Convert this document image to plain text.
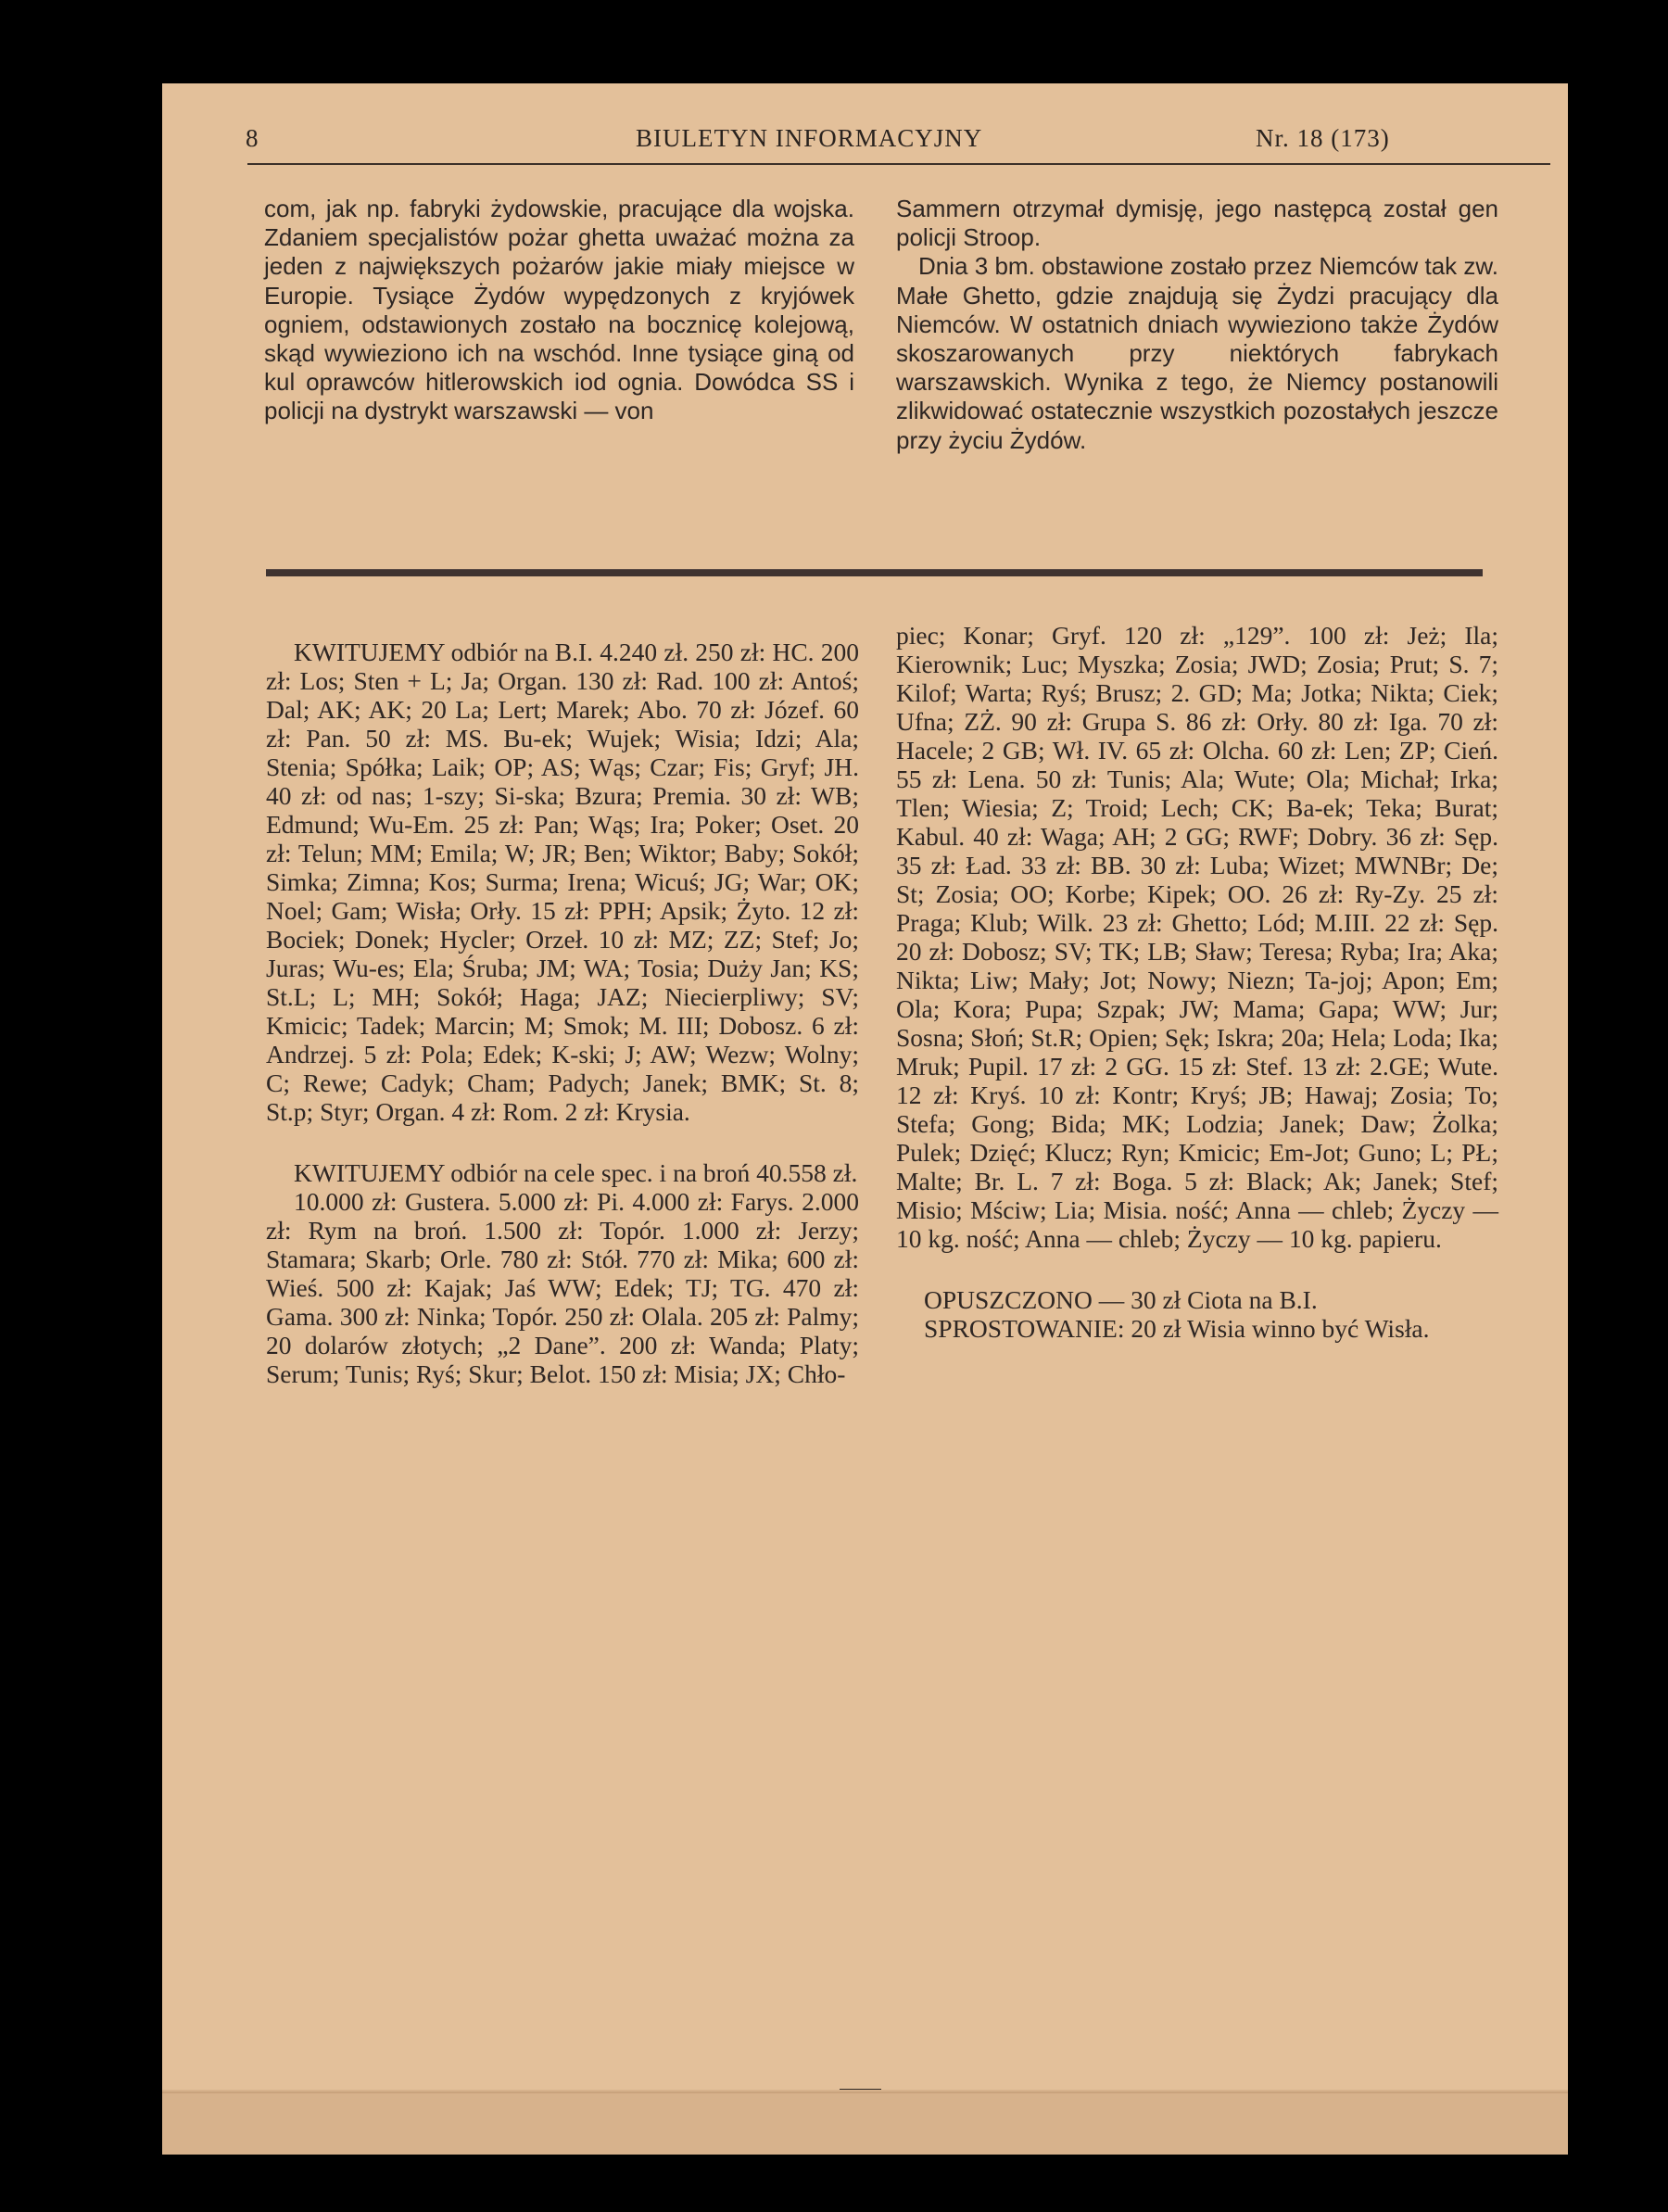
8	BIULETYN INFORMACYJNY	Nr. 18 (173)

com, jak np. fabryki żydowskie, pracujące dla wojska. Zdaniem specjalistów pożar ghetta uważać można za jeden z największych pożarów jakie miały miejsce w Europie. Tysiące Żydów wypędzonych z kryjówek ogniem, odstawionych zostało na bocznicę kolejową, skąd wywieziono ich na wschód. Inne tysiące giną od kul oprawców hitlerowskich iod ognia. Dowódca SS i policji na dystrykt warszawski — von

Sammern otrzymał dymisję, jego następcą został gen policji Stroop.

Dnia 3 bm. obstawione zostało przez Niemców tak zw. Małe Ghetto, gdzie znajdują się Żydzi pracujący dla Niemców. W ostatnich dniach wywieziono także Żydów skoszarowanych przy niektórych fabrykach warszawskich. Wynika z tego, że Niemcy postanowili zlikwidować ostatecznie wszystkich pozostałych jeszcze przy życiu Żydów.

KWITUJEMY odbiór na B.I. 4.240 zł. 250 zł: HC. 200 zł: Los; Sten + L; Ja; Organ. 130 zł: Rad. 100 zł: Antoś; Dal; AK; AK; 20 La; Lert; Marek; Abo. 70 zł: Józef. 60 zł: Pan. 50 zł: MS. Bu-ek; Wujek; Wisia; Idzi; Ala; Stenia; Spółka; Laik; OP; AS; Wąs; Czar; Fis; Gryf; JH. 40 zł: od nas; 1-szy; Si-ska; Bzura; Premia. 30 zł: WB; Edmund; Wu-Em. 25 zł: Pan; Wąs; Ira; Poker; Oset. 20 zł: Telun; MM; Emila; W; JR; Ben; Wiktor; Baby; Sokół; Simka; Zimna; Kos; Surma; Irena; Wicuś; JG; War; OK; Noel; Gam; Wisła; Orły. 15 zł: PPH; Apsik; Żyto. 12 zł: Bociek; Donek; Hycler; Orzeł. 10 zł: MZ; ZZ; Stef; Jo; Juras; Wu-es; Ela; Śruba; JM; WA; Tosia; Duży Jan; KS; St.L; L; MH; Sokół; Haga; JAZ; Niecierpliwy; SV; Kmicic; Tadek; Marcin; M; Smok; M. III; Dobosz. 6 zł: Andrzej. 5 zł: Pola; Edek; K-ski; J; AW; Wezw; Wolny; C; Rewe; Cadyk; Cham; Padych; Janek; BMK; St. 8; St.p; Styr; Organ. 4 zł: Rom. 2 zł: Krysia.

KWITUJEMY odbiór na cele spec. i na broń 40.558 zł.

10.000 zł: Gustera. 5.000 zł: Pi. 4.000 zł: Farys. 2.000 zł: Rym na broń. 1.500 zł: Topór. 1.000 zł: Jerzy; Stamara; Skarb; Orle. 780 zł: Stół. 770 zł: Mika; 600 zł: Wieś. 500 zł: Kajak; Jaś WW; Edek; TJ; TG. 470 zł: Gama. 300 zł: Ninka; Topór. 250 zł: Olala. 205 zł: Palmy; 20 dolarów złotych; „2 Dane”. 200 zł: Wanda; Platy; Serum; Tunis; Ryś; Skur; Belot. 150 zł: Misia; JX; Chło-

piec; Konar; Gryf. 120 zł: „129”. 100 zł: Jeż; Ila; Kierownik; Luc; Myszka; Zosia; JWD; Zosia; Prut; S. 7; Kilof; Warta; Ryś; Brusz; 2. GD; Ma; Jotka; Nikta; Ciek; Ufna; ZŻ. 90 zł: Grupa S. 86 zł: Orły. 80 zł: Iga. 70 zł: Hacele; 2 GB; Wł. IV. 65 zł: Olcha. 60 zł: Len; ZP; Cień. 55 zł: Lena. 50 zł: Tunis; Ala; Wute; Ola; Michał; Irka; Tlen; Wiesia; Z; Troid; Lech; CK; Ba-ek; Teka; Burat; Kabul. 40 zł: Waga; AH; 2 GG; RWF; Dobry. 36 zł: Sęp. 35 zł: Ład. 33 zł: BB. 30 zł: Luba; Wizet; MWNBr; De; St; Zosia; OO; Korbe; Kipek; OO. 26 zł: Ry-Zy. 25 zł: Praga; Klub; Wilk. 23 zł: Ghetto; Lód; M.III. 22 zł: Sęp. 20 zł: Dobosz; SV; TK; LB; Sław; Teresa; Ryba; Ira; Aka; Nikta; Liw; Mały; Jot; Nowy; Niezn; Ta-joj; Apon; Em; Ola; Kora; Pupa; Szpak; JW; Mama; Gapa; WW; Jur; Sosna; Słoń; St.R; Opien; Sęk; Iskra; 20a; Hela; Loda; Ika; Mruk; Pupil. 17 zł: 2 GG. 15 zł: Stef. 13 zł: 2.GE; Wute. 12 zł: Kryś. 10 zł: Kontr; Kryś; JB; Hawaj; Zosia; To; Stefa; Gong; Bida; MK; Lodzia; Janek; Daw; Żolka; Pulek; Dzięć; Klucz; Ryn; Kmicic; Em-Jot; Guno; L; PŁ; Malte; Br. L. 7 zł: Boga. 5 zł: Black; Ak; Janek; Stef; Misio; Mściw; Lia; Misia. ność; Anna — chleb; Życzy — 10 kg. ność; Anna — chleb; Życzy — 10 kg. papieru.

OPUSZCZONO — 30 zł Ciota na B.I.

SPROSTOWANIE: 20 zł Wisia winno być Wisła.
